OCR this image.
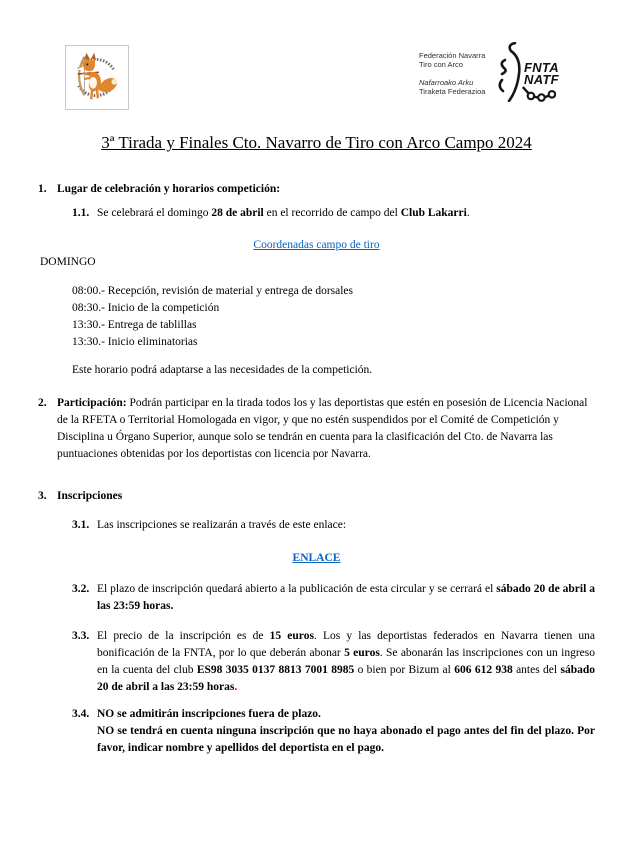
Federación Navarra
Tiro con Arco
Nafarroako Arku
Tiraketa Federazioa
FNTA
NATF
3ª Tirada y Finales Cto. Navarro de Tiro con Arco Campo 2024
1. Lugar de celebración y horarios competición:
1.1. Se celebrará el domingo 28 de abril en el recorrido de campo del Club Lakarri.
Coordenadas campo de tiro
DOMINGO
08:00.- Recepción, revisión de material y entrega de dorsales
08:30.- Inicio de la competición
13:30.- Entrega de tablillas
13:30.- Inicio eliminatorias
Este horario podrá adaptarse a las necesidades de la competición.
2. Participación: Podrán participar en la tirada todos los y las deportistas que estén en posesión de Licencia Nacional de la RFETA o Territorial Homologada en vigor, y que no estén suspendidos por el Comité de Competición y Disciplina u Órgano Superior, aunque solo se tendrán en cuenta para la clasificación del Cto. de Navarra las puntuaciones obtenidas por los deportistas con licencia por Navarra.
3. Inscripciones
3.1. Las inscripciones se realizarán a través de este enlace:
ENLACE
3.2. El plazo de inscripción quedará abierto a la publicación de esta circular y se cerrará el sábado 20 de abril a las 23:59 horas.
3.3. El precio de la inscripción es de 15 euros. Los y las deportistas federados en Navarra tienen una bonificación de la FNTA, por lo que deberán abonar 5 euros. Se abonarán las inscripciones con un ingreso en la cuenta del club ES98 3035 0137 8813 7001 8985 o bien por Bizum al 606 612 938 antes del sábado 20 de abril a las 23:59 horas.
3.4. NO se admitirán inscripciones fuera de plazo.
NO se tendrá en cuenta ninguna inscripción que no haya abonado el pago antes del fin del plazo. Por favor, indicar nombre y apellidos del deportista en el pago.
